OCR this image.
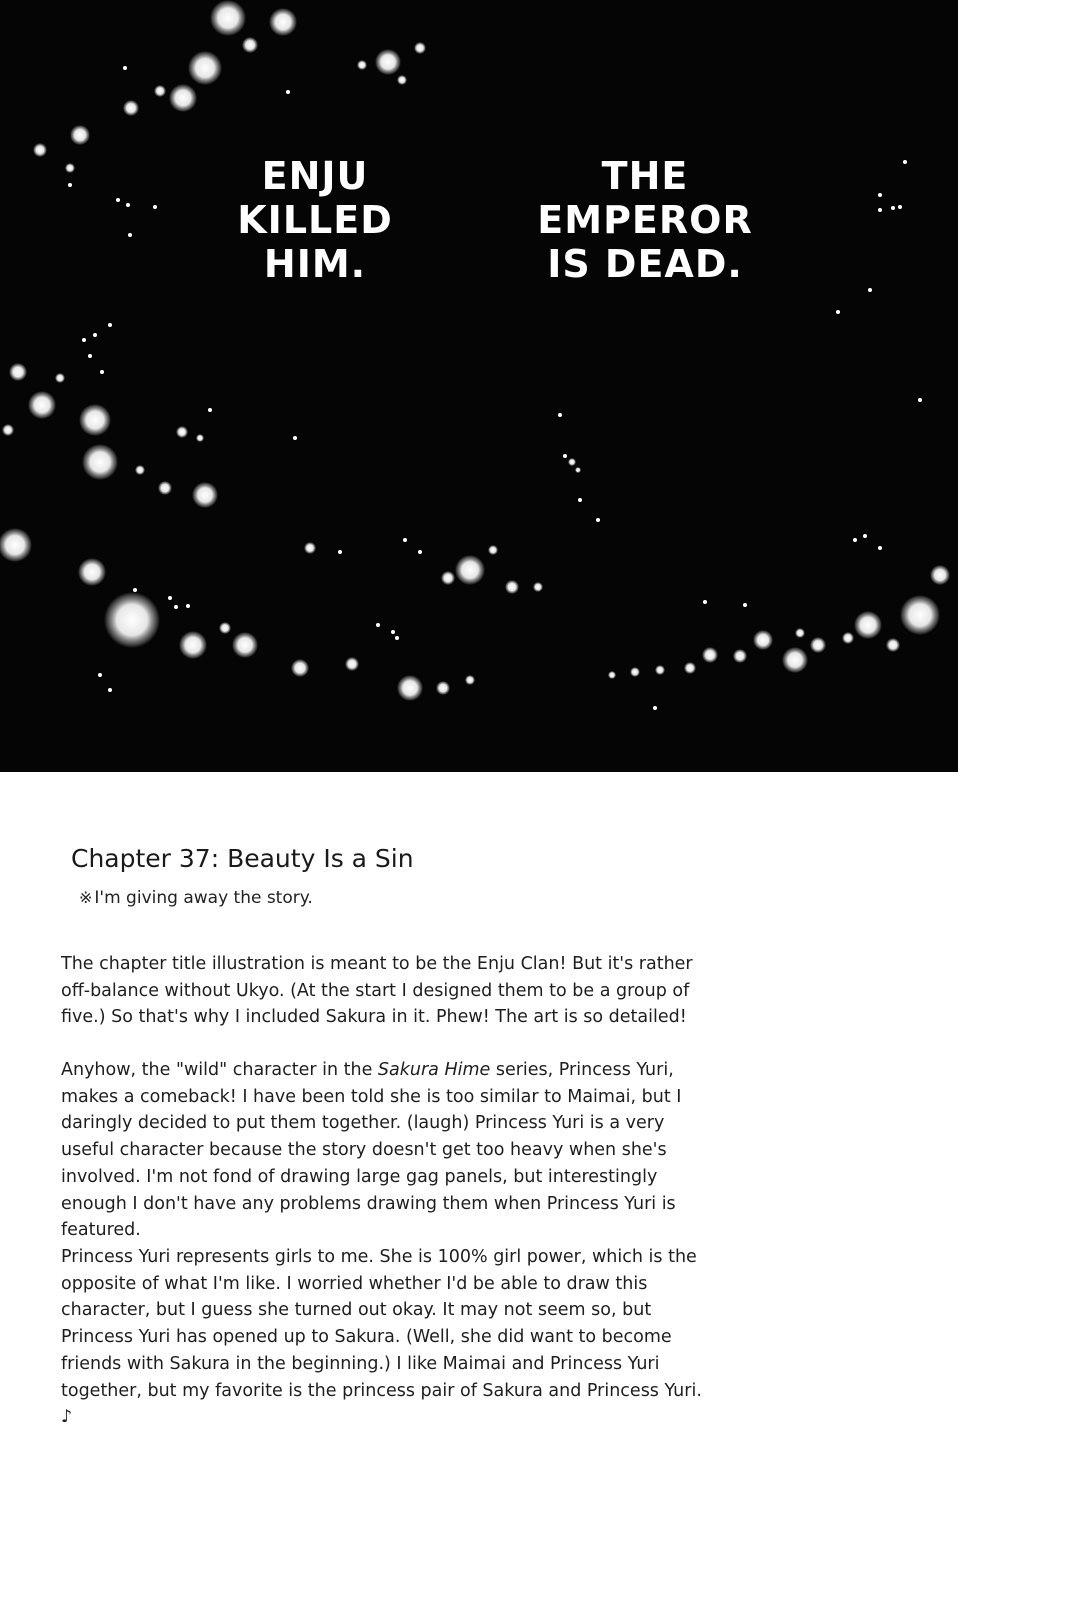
ENJU
KILLED
HIM.
THE
EMPEROR
IS DEAD.
Chapter 37: Beauty Is a Sin
※ I'm giving away the story.

The chapter title illustration is meant to be the Enju Clan! But it's rather off-balance without Ukyo. (At the start I designed them to be a group of five.) So that's why I included Sakura in it. Phew! The art is so detailed!

Anyhow, the "wild" character in the Sakura Hime series, Princess Yuri, makes a comeback! I have been told she is too similar to Maimai, but I daringly decided to put them together. (laugh) Princess Yuri is a very useful character because the story doesn't get too heavy when she's involved. I'm not fond of drawing large gag panels, but interestingly enough I don't have any problems drawing them when Princess Yuri is featured.

Princess Yuri represents girls to me. She is 100% girl power, which is the opposite of what I'm like. I worried whether I'd be able to draw this character, but I guess she turned out okay. It may not seem so, but Princess Yuri has opened up to Sakura. (Well, she did want to become friends with Sakura in the beginning.) I like Maimai and Princess Yuri together, but my favorite is the princess pair of Sakura and Princess Yuri. ♪
